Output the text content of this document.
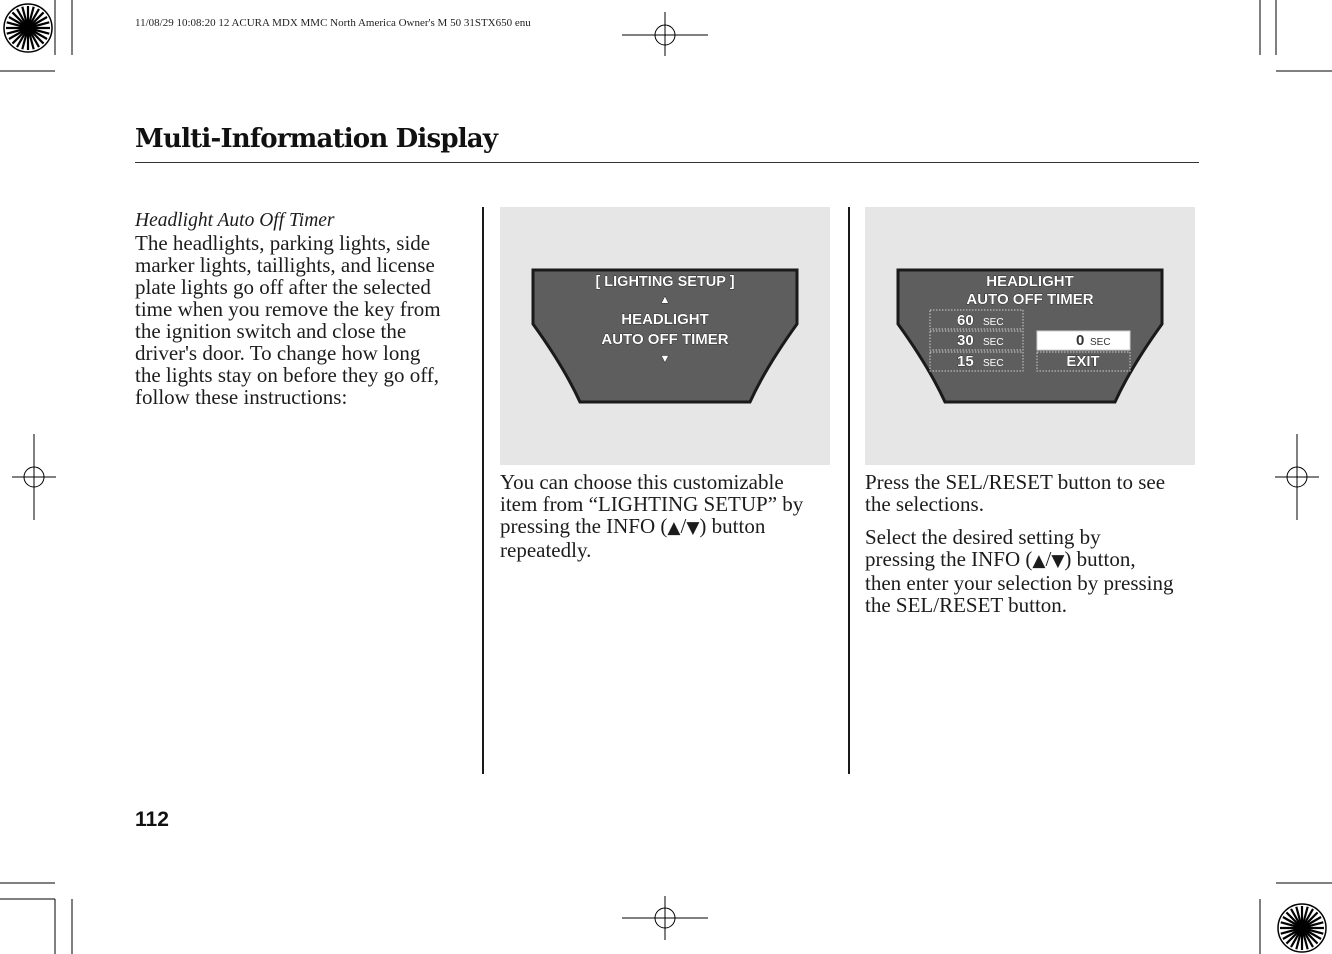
11/08/29 10:08:20 12 ACURA MDX MMC North America Owner's M 50 31STX650 enu
Multi-Information Display
Headlight Auto Off Timer
The headlights, parking lights, side
marker lights, taillights, and license
plate lights go off after the selected
time when you remove the key from
the ignition switch and close the
driver's door. To change how long
the lights stay on before they go off,
follow these instructions:
[ LIGHTING SETUP ]
▲
HEADLIGHT
AUTO OFF TIMER
▼
HEADLIGHT
AUTO OFF TIMER
60 SEC
30 SEC
15 SEC
0 SEC
EXIT
You can choose this customizable
item from “LIGHTING SETUP” by
pressing the INFO (▲/▼) button
repeatedly.

Press the SEL/RESET button to see
the selections.

Select the desired setting by
pressing the INFO (▲/▼) button,
then enter your selection by pressing
the SEL/RESET button.

112
